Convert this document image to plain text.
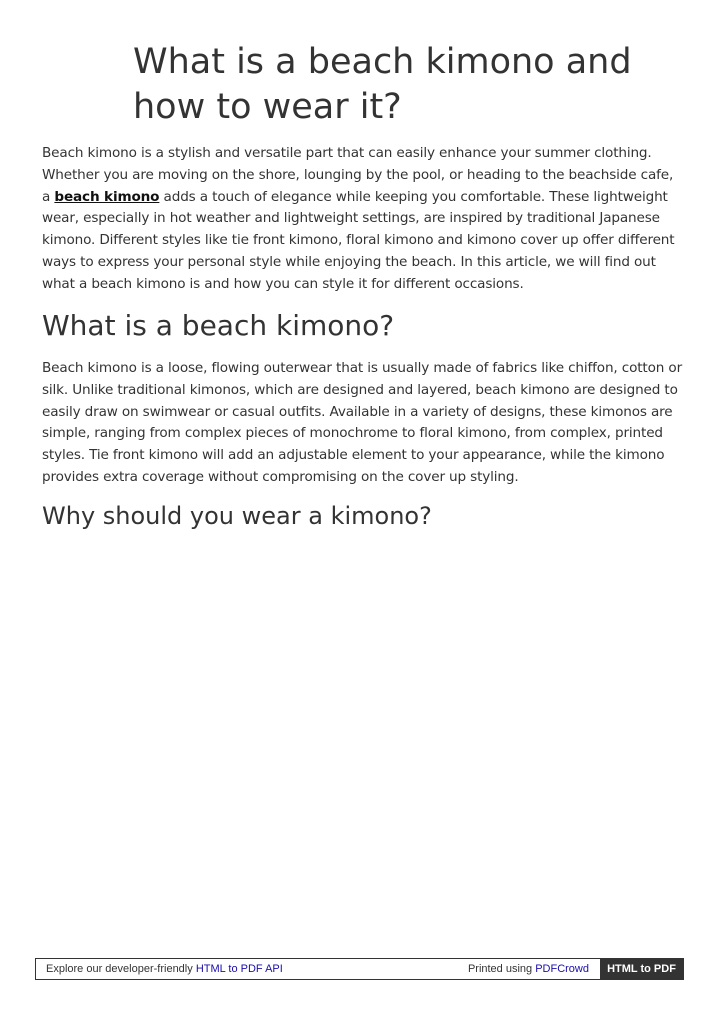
What is a beach kimono and how to wear it?

Beach kimono is a stylish and versatile part that can easily enhance your summer clothing. Whether you are moving on the shore, lounging by the pool, or heading to the beachside cafe, a beach kimono adds a touch of elegance while keeping you comfortable. These lightweight wear, especially in hot weather and lightweight settings, are inspired by traditional Japanese kimono. Different styles like tie front kimono, floral kimono and kimono cover up offer different ways to express your personal style while enjoying the beach. In this article, we will find out what a beach kimono is and how you can style it for different occasions.

What is a beach kimono?

Beach kimono is a loose, flowing outerwear that is usually made of fabrics like chiffon, cotton or silk. Unlike traditional kimonos, which are designed and layered, beach kimono are designed to easily draw on swimwear or casual outfits. Available in a variety of designs, these kimonos are simple, ranging from complex pieces of monochrome to floral kimono, from complex, printed styles. Tie front kimono will add an adjustable element to your appearance, while the kimono provides extra coverage without compromising on the cover up styling.

Why should you wear a kimono?
Explore our developer-friendly HTML to PDF API	Printed using PDFCrowd	HTML to PDF
